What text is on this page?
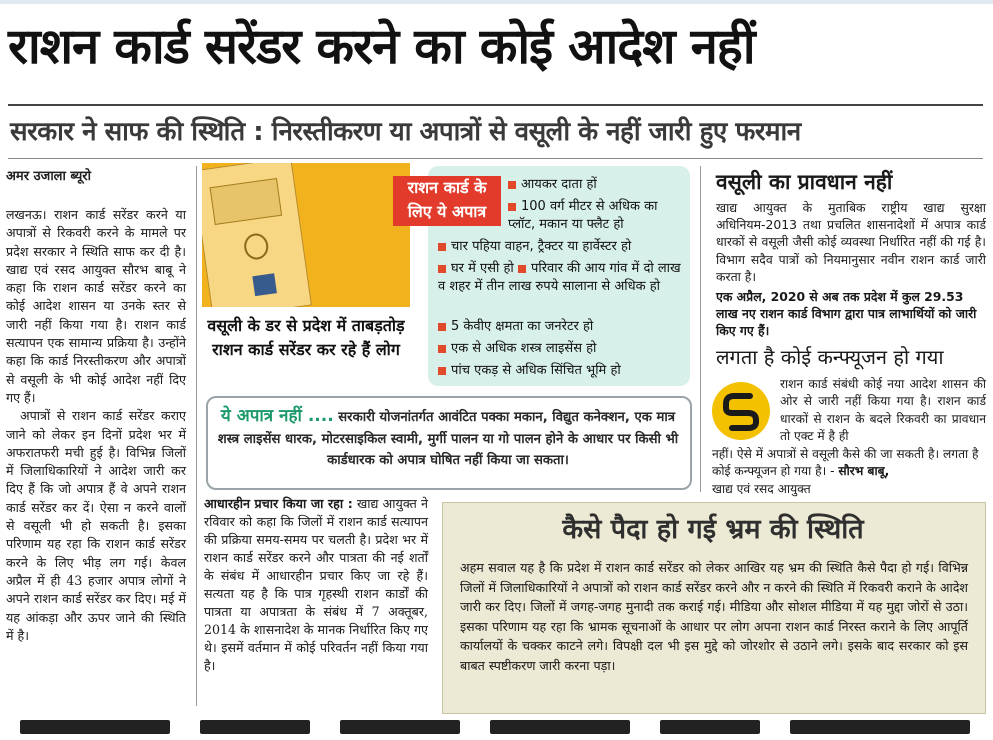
राशन कार्ड सरेंडर करने का कोई आदेश नहीं
सरकार ने साफ की स्थिति : निरस्तीकरण या अपात्रों से वसूली के नहीं जारी हुए फरमान
अमर उजाला ब्यूरो

लखनऊ। राशन कार्ड सरेंडर करने या अपात्रों से रिकवरी करने के मामले पर प्रदेश सरकार ने स्थिति साफ कर दी है। खाद्य एवं रसद आयुक्त सौरभ बाबू ने कहा कि राशन कार्ड सरेंडर करने का कोई आदेश शासन या उनके स्तर से जारी नहीं किया गया है। राशन कार्ड सत्यापन एक सामान्य प्रक्रिया है। उन्होंने कहा कि कार्ड निरस्तीकरण और अपात्रों से वसूली के भी कोई आदेश नहीं दिए गए हैं।

अपात्रों से राशन कार्ड सरेंडर कराए जाने को लेकर इन दिनों प्रदेश भर में अफरातफरी मची हुई है। विभिन्न जिलों में जिलाधिकारियों ने आदेश जारी कर दिए हैं कि जो अपात्र हैं वे अपने राशन कार्ड सरेंडर कर दें। ऐसा न करने वालों से वसूली भी हो सकती है। इसका परिणाम यह रहा कि राशन कार्ड सरेंडर करने के लिए भीड़ लग गई। केवल अप्रैल में ही 43 हजार अपात्र लोगों ने अपने राशन कार्ड सरेंडर कर दिए। मई में यह आंकड़ा और ऊपर जाने की स्थिति में है।

वसूली के डर से प्रदेश में ताबड़तोड़ राशन कार्ड सरेंडर कर रहे हैं लोग
राशन कार्ड के लिए ये अपात्र
आयकर दाता हों
100 वर्ग मीटर से अधिक का प्लॉट, मकान या फ्लैट हो
चार पहिया वाहन, ट्रैक्टर या हार्वेस्टर हो
घर में एसी हो परिवार की आय गांव में दो लाख व शहर में तीन लाख रुपये सालाना से अधिक हो
5 केवीए क्षमता का जनरेटर हो
एक से अधिक शस्त्र लाइसेंस हो
पांच एकड़ से अधिक सिंचित भूमि हो
ये अपात्र नहीं .... सरकारी योजनांतर्गत आवंटित पक्का मकान, विद्युत कनेक्शन, एक मात्र शस्त्र लाइसेंस धारक, मोटरसाइकिल स्वामी, मुर्गी पालन या गो पालन होने के आधार पर किसी भी कार्डधारक को अपात्र घोषित नहीं किया जा सकता।
आधारहीन प्रचार किया जा रहा : खाद्य आयुक्त ने रविवार को कहा कि जिलों में राशन कार्ड सत्यापन की प्रक्रिया समय-समय पर चलती है। प्रदेश भर में राशन कार्ड सरेंडर करने और पात्रता की नई शर्तों के संबंध में आधारहीन प्रचार किए जा रहे हैं। सत्यता यह है कि पात्र गृहस्थी राशन कार्डों की पात्रता या अपात्रता के संबंध में 7 अक्तूबर, 2014 के शासनादेश के मानक निर्धारित किए गए थे। इसमें वर्तमान में कोई परिवर्तन नहीं किया गया है।
वसूली का प्रावधान नहीं
खाद्य आयुक्त के मुताबिक राष्ट्रीय खाद्य सुरक्षा अधिनियम-2013 तथा प्रचलित शासनादेशों में अपात्र कार्ड धारकों से वसूली जैसी कोई व्यवस्था निर्धारित नहीं की गई है। विभाग सदैव पात्रों को नियमानुसार नवीन राशन कार्ड जारी करता है।
एक अप्रैल, 2020 से अब तक प्रदेश में कुल 29.53 लाख नए राशन कार्ड विभाग द्वारा पात्र लाभार्थियों को जारी किए गए हैं।
लगता है कोई कन्फ्यूजन हो गया
राशन कार्ड संबंधी कोई नया आदेश शासन की ओर से जारी नहीं किया गया है। राशन कार्ड धारकों से राशन के बदले रिकवरी का प्रावधान तो एक्ट में है ही
नहीं। ऐसे में अपात्रों से वसूली कैसे की जा सकती है। लगता है कोई कन्फ्यूजन हो गया है। - सौरभ बाबू,
खाद्य एवं रसद आयुक्त
कैसे पैदा हो गई भ्रम की स्थिति
अहम सवाल यह है कि प्रदेश में राशन कार्ड सरेंडर को लेकर आखिर यह भ्रम की स्थिति कैसे पैदा हो गई। विभिन्न जिलों में जिलाधिकारियों ने अपात्रों को राशन कार्ड सरेंडर करने और न करने की स्थिति में रिकवरी कराने के आदेश जारी कर दिए। जिलों में जगह-जगह मुनादी तक कराई गई। मीडिया और सोशल मीडिया में यह मुद्दा जोरों से उठा। इसका परिणाम यह रहा कि भ्रामक सूचनाओं के आधार पर लोग अपना राशन कार्ड निरस्त कराने के लिए आपूर्ति कार्यालयों के चक्कर काटने लगे। विपक्षी दल भी इस मुद्दे को जोरशोर से उठाने लगे। इसके बाद सरकार को इस बाबत स्पष्टीकरण जारी करना पड़ा।
